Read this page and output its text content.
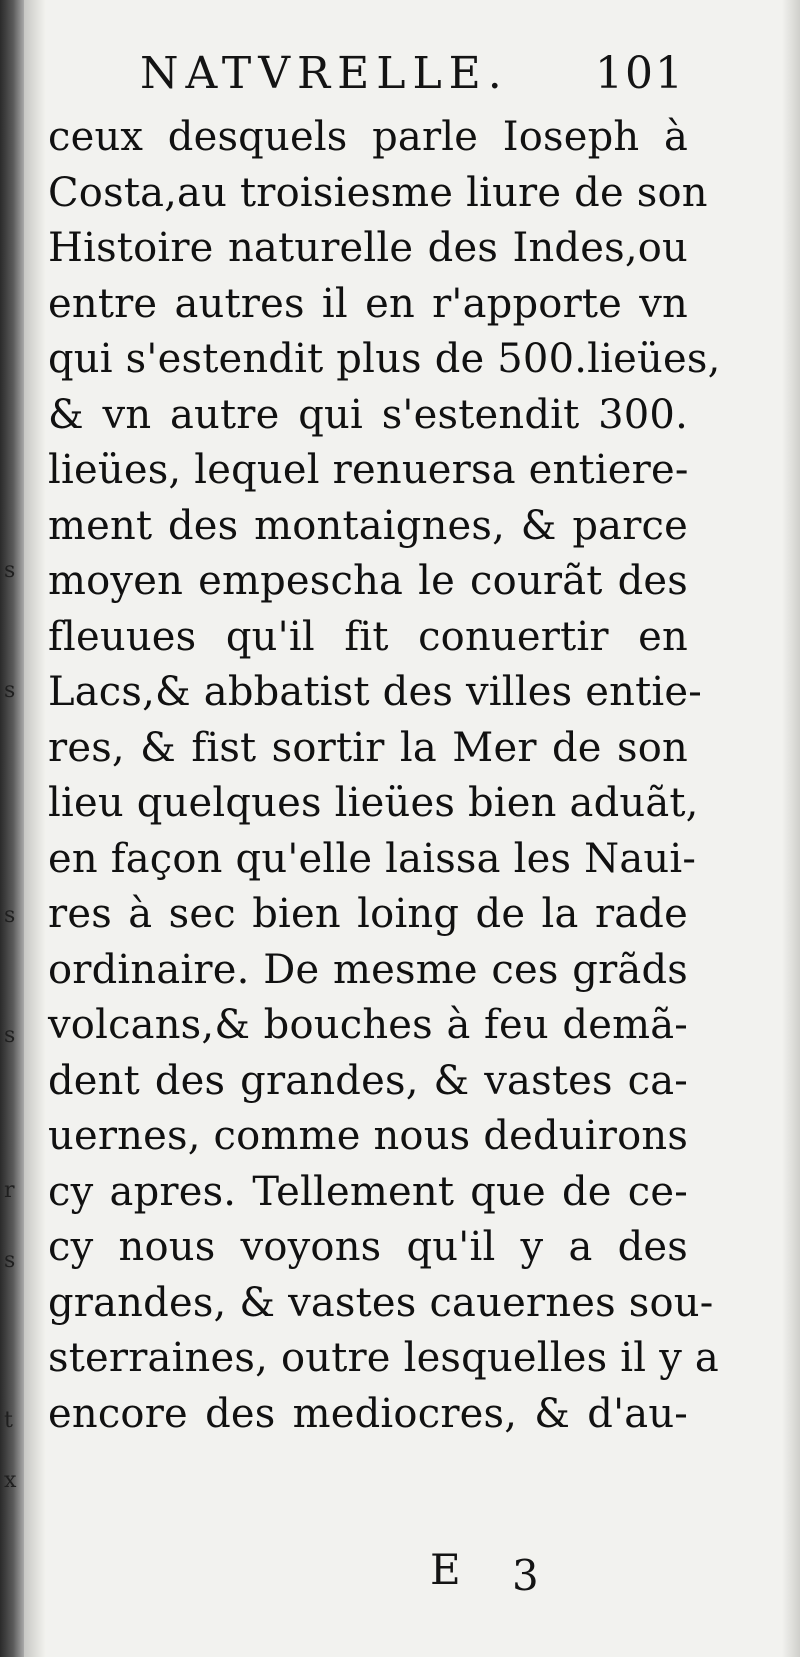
s
s
s
s
r
s
t
x
NATVRELLE. 101
ceux desquels parle Ioseph à
Costa,au troisiesme liure de son
Histoire naturelle des Indes,ou
entre autres il en r'apporte vn
qui s'estendit plus de 500.lieües,
& vn autre qui s'estendit 300.
lieües, lequel renuersa entiere-
ment des montaignes, & parce
moyen empescha le courãt des
fleuues qu'il fit conuertir en
Lacs,& abbatist des villes entie-
res, & fist sortir la Mer de son
lieu quelques lieües bien aduãt,
en façon qu'elle laissa les Naui-
res à sec bien loing de la rade
ordinaire. De mesme ces grãds
volcans,& bouches à feu demã-
dent des grandes, & vastes ca-
uernes, comme nous deduirons
cy apres. Tellement que de ce-
cy nous voyons qu'il y a des
grandes, & vastes cauernes sou-
sterraines, outre lesquelles il y a
encore des mediocres, & d'au-
E 3
